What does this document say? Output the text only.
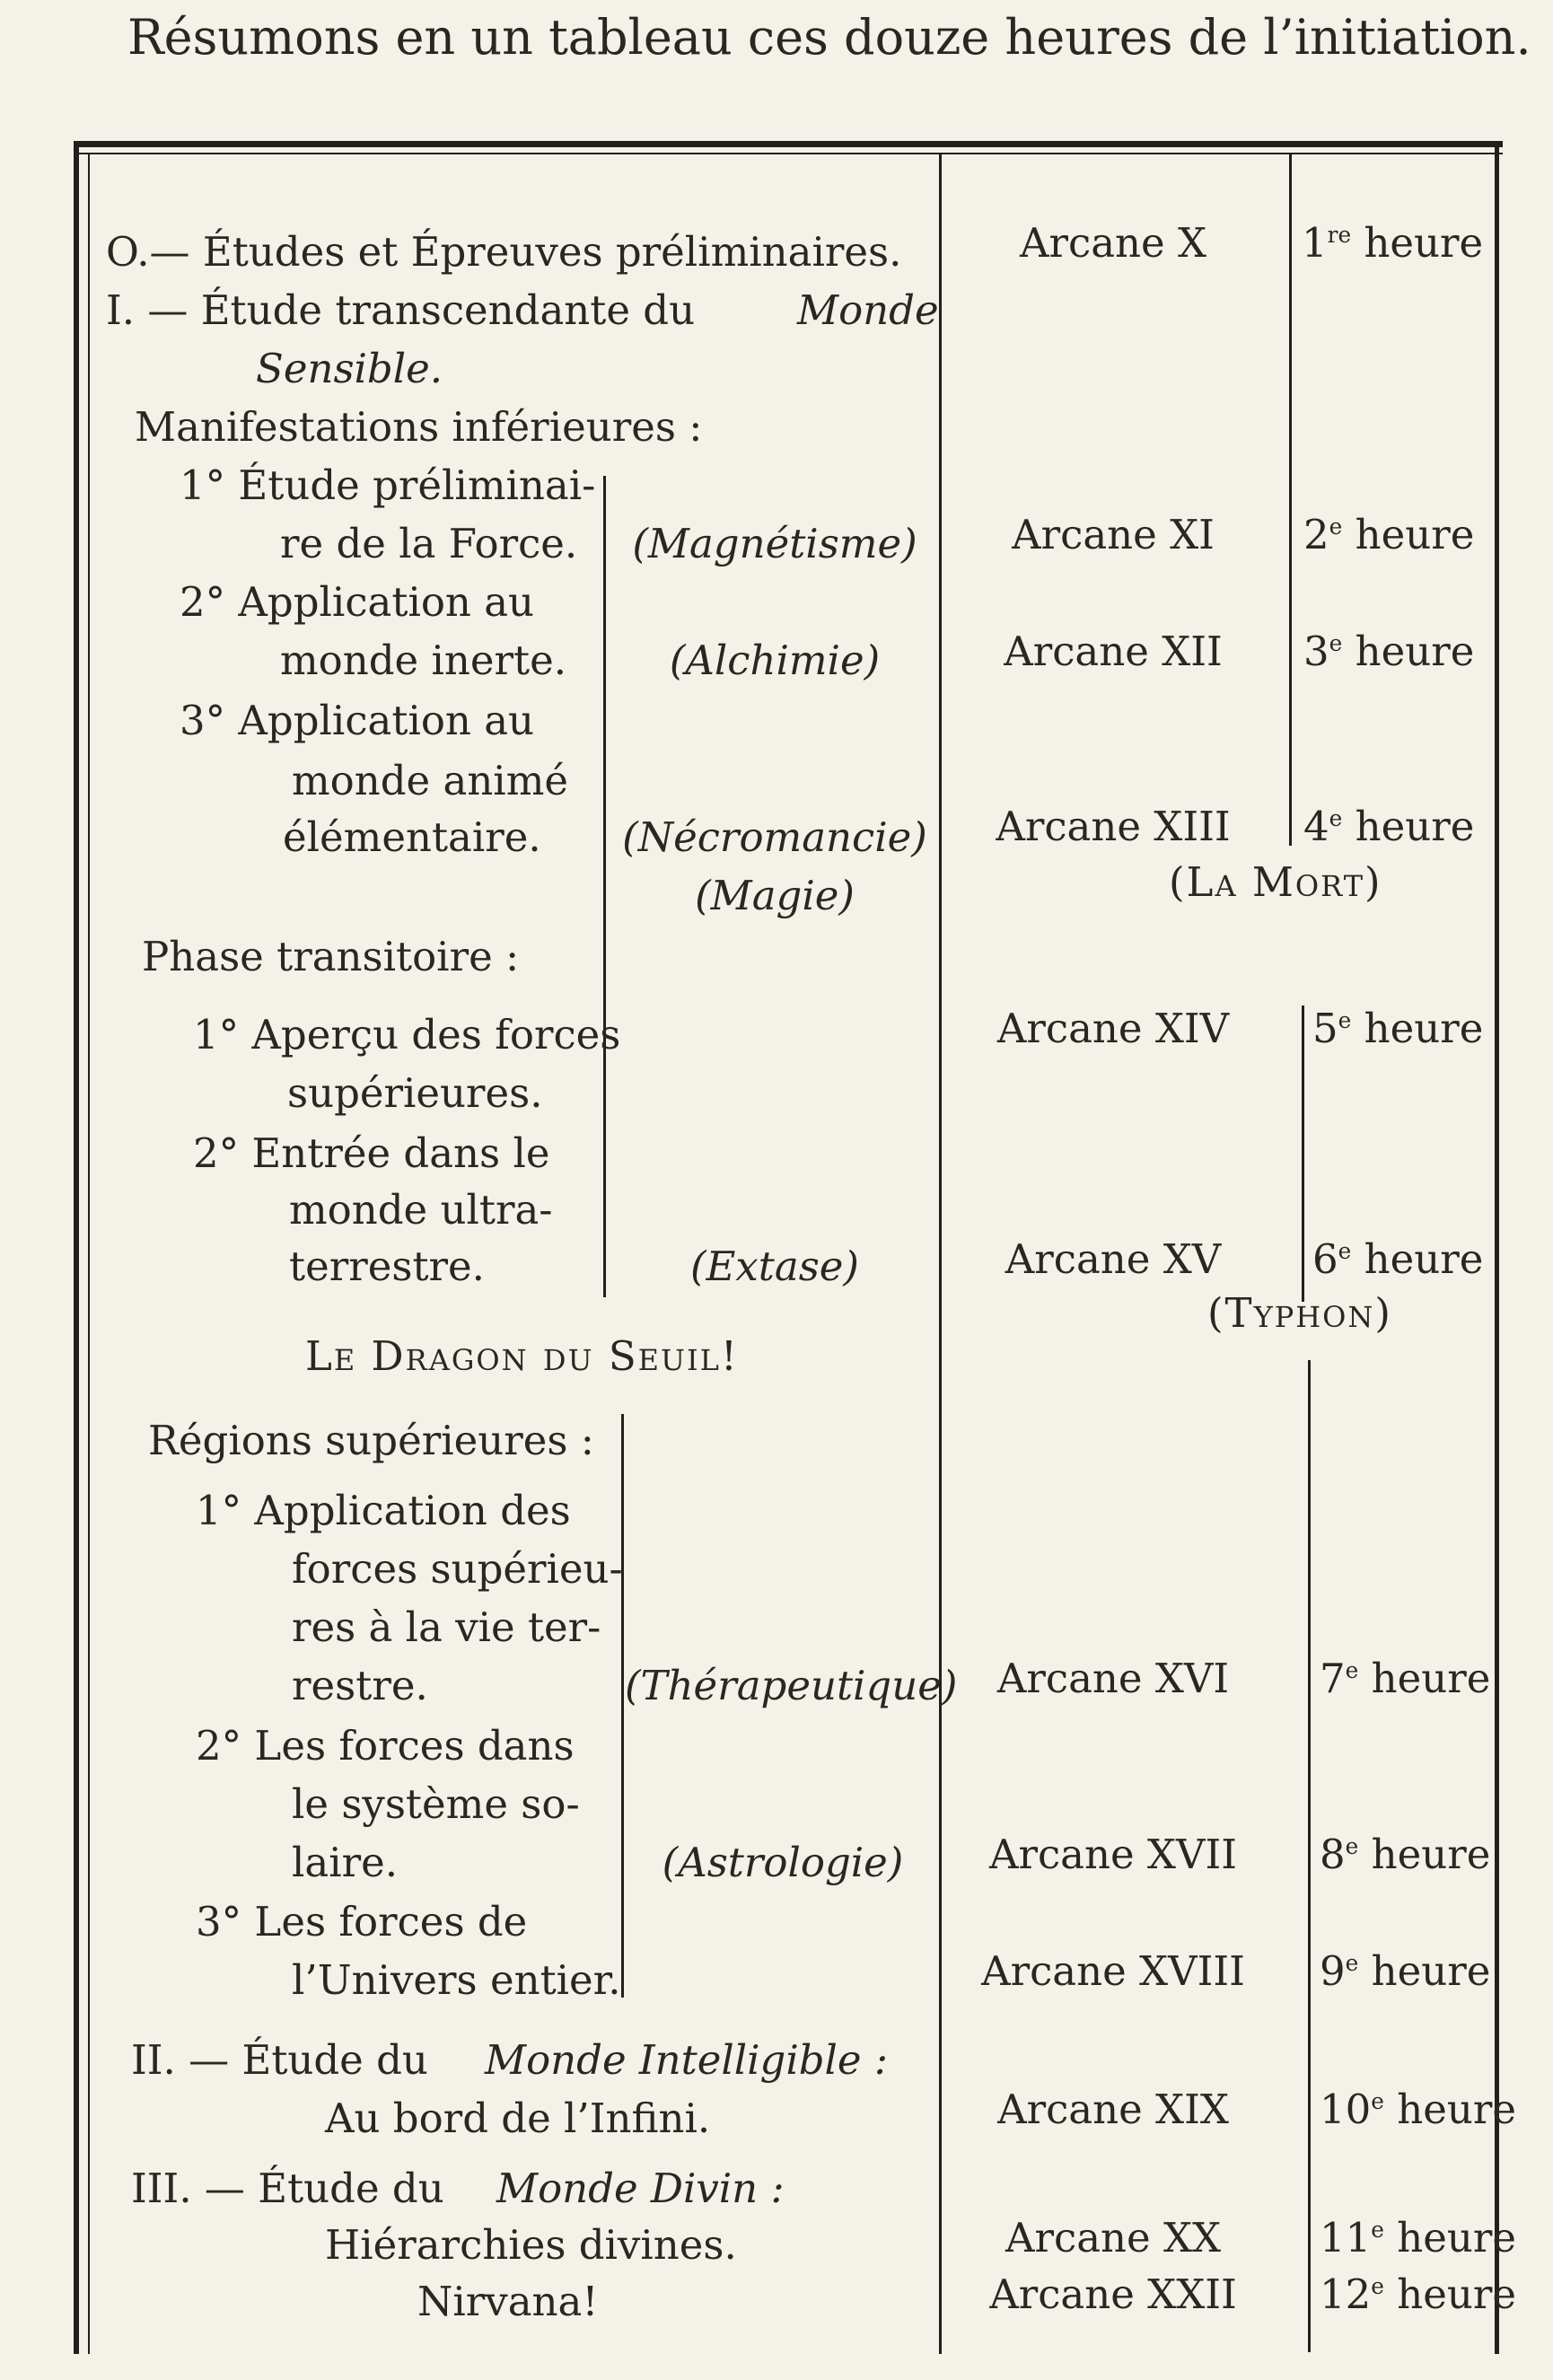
Résumons en un tableau ces douze heures de l’initiation.
O.— Études et Épreuves préliminaires.
I. — Étude transcendante du	Monde
Sensible.
Manifestations inférieures :
1° Étude préliminai-
re de la Force.
2° Application au
monde inerte.
3° Application au
monde animé
élémentaire.
Phase transitoire :
1° Aperçu des forces
supérieures.
2° Entrée dans le
monde ultra-
terrestre.
Le Dragon du Seuil!
Régions supérieures :
1° Application des
forces supérieu-
res à la vie ter-
restre.
2° Les forces dans
le système so-
laire.
3° Les forces de
l’Univers entier.
II. — Étude du Monde Intelligible :
Au bord de l’Infini.
III. — Étude du Monde Divin :
Hiérarchies divines.
Nirvana!
(Magnétisme)
(Alchimie)
(Nécromancie)
(Magie)
(Extase)
(Thérapeutique)
(Astrologie)
Arcane X
Arcane XI
Arcane XII
Arcane XIII
Arcane XIV
Arcane XV
Arcane XVI
Arcane XVII
Arcane XVIII
Arcane XIX
Arcane XX
Arcane XXII
(La Mort)
(Typhon)
1re heure
2e heure
3e heure
4e heure
5e heure
6e heure
7e heure
8e heure
9e heure
10e heure
11e heure
12e heure
